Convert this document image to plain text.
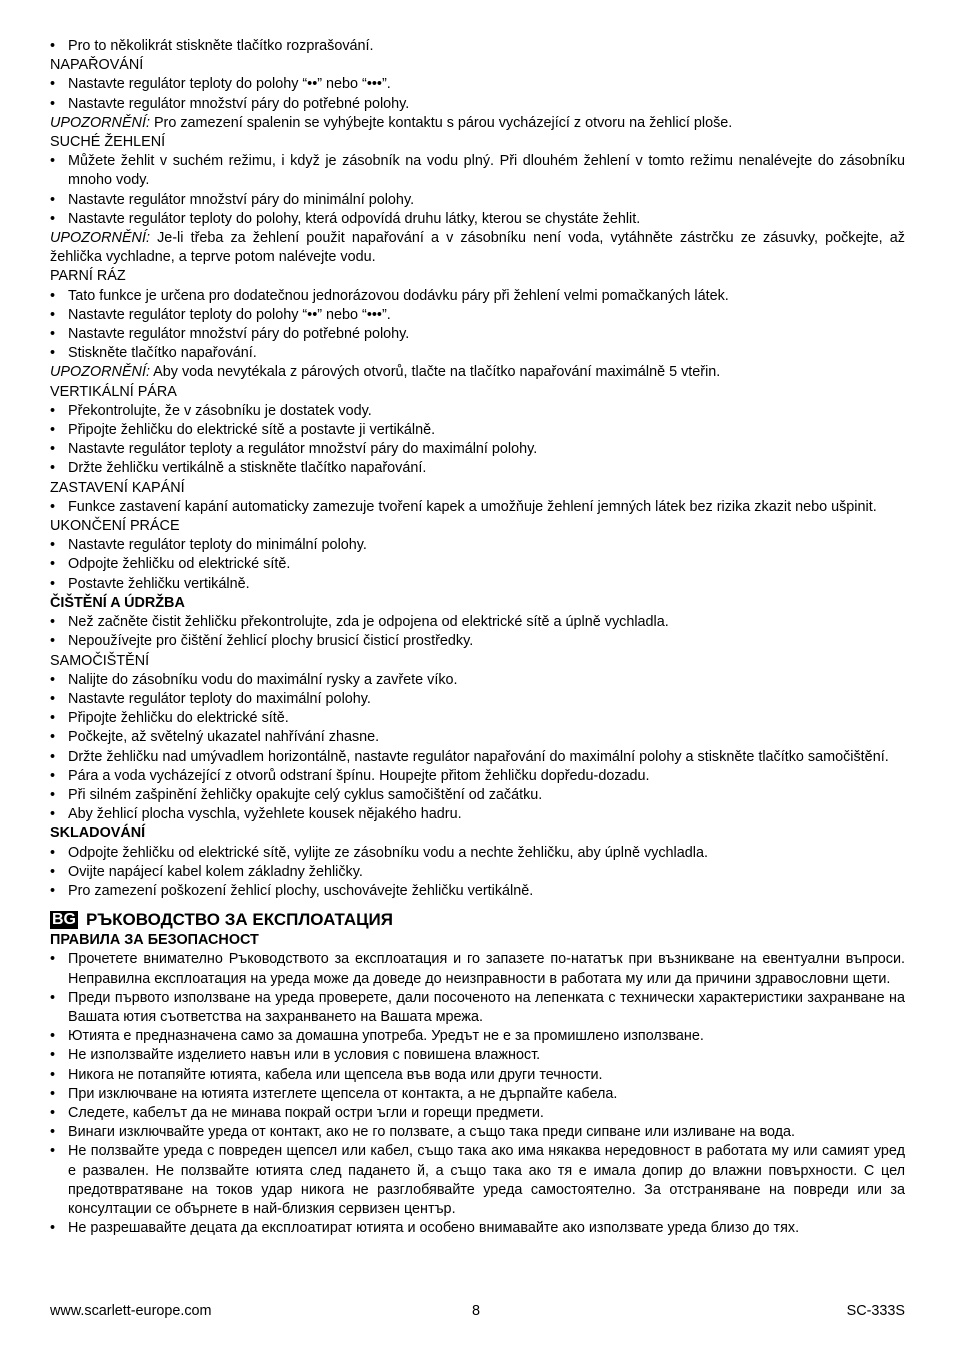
• Pro to několikrát stiskněte tlačítko rozprašování.
NAPAŘOVÁNÍ
• Nastavte regulátor teploty do polohy “••” nebo “•••”.
• Nastavte regulátor množství páry do potřebné polohy.
UPOZORNĚNÍ: Pro zamezení spalenin se vyhýbejte kontaktu s párou vycházející z otvoru na žehlicí ploše.
SUCHÉ ŽEHLENÍ
• Můžete žehlit v suchém režimu, i když je zásobník na vodu plný. Při dlouhém žehlení v tomto režimu nenalévejte do zásobníku mnoho vody.
• Nastavte regulátor množství páry do minimální polohy.
• Nastavte regulátor teploty do polohy, která odpovídá druhu látky, kterou se chystáte žehlit.
UPOZORNĚNÍ: Je-li třeba za žehlení použit napařování a v zásobníku není voda, vytáhněte zástrčku ze zásuvky, počkejte, až žehlička vychladne, a teprve potom nalévejte vodu.
PARNÍ RÁZ
• Tato funkce je určena pro dodatečnou jednorázovou dodávku páry při žehlení velmi pomačkaných látek.
• Nastavte regulátor teploty do polohy “••” nebo “•••”.
• Nastavte regulátor množství páry do potřebné polohy.
• Stiskněte tlačítko napařování.
UPOZORNĚNÍ: Aby voda nevytékala z párových otvorů, tlačte na tlačítko napařování maximálně 5 vteřin.
VERTIKÁLNÍ PÁRA
• Překontrolujte, že v zásobníku je dostatek vody.
• Připojte žehličku do elektrické sítě a postavte ji vertikálně.
• Nastavte regulátor teploty a regulátor množství páry do maximální polohy.
• Držte žehličku vertikálně a stiskněte tlačítko napařování.
ZASTAVENÍ KAPÁNÍ
• Funkce zastavení kapání automaticky zamezuje tvoření kapek a umožňuje žehlení jemných látek bez rizika zkazit nebo ušpinit.
UKONČENÍ PRÁCE
• Nastavte regulátor teploty do minimální polohy.
• Odpojte žehličku od elektrické sítě.
• Postavte žehličku vertikálně.
ČIŠTĚNÍ A ÚDRŽBA
• Než začněte čistit žehličku překontrolujte, zda je odpojena od elektrické sítě a úplně vychladla.
• Nepoužívejte pro čištění žehlicí plochy brusicí čisticí prostředky.
SAMOČIŠTĚNÍ
• Nalijte do zásobníku vodu do maximální rysky a zavřete víko.
• Nastavte regulátor teploty do maximální polohy.
• Připojte žehličku do elektrické sítě.
• Počkejte, až světelný ukazatel nahřívání zhasne.
• Držte žehličku nad umývadlem horizontálně, nastavte regulátor napařování do maximální polohy a stiskněte tlačítko samočištění.
• Pára a voda vycházející z otvorů odstraní špínu. Houpejte přitom žehličku dopředu-dozadu.
• Při silném zašpinění žehličky opakujte celý cyklus samočištění od začátku.
• Aby žehlicí plocha vyschla, vyžehlete kousek nějakého hadru.
SKLADOVÁNÍ
• Odpojte žehličku od elektrické sítě, vylijte ze zásobníku vodu a nechte žehličku, aby úplně vychladla.
• Ovijte napájecí kabel kolem základny žehličky.
• Pro zamezení poškození žehlicí plochy, uschovávejte žehličku vertikálně.
BG РЪКОВОДСТВО ЗА ЕКСПЛОАТАЦИЯ
ПРАВИЛА ЗА БЕЗОПАСНОСТ
• Прочетете внимателно Ръководството за експлоатация и го запазете по-нататък при възникване на евентуални въпроси. Неправилна експлоатация на уреда може да доведе до неизправности в работата му или да причини здравословни щети.
• Преди първото използване на уреда проверете, дали посоченото на лепенката с технически характеристики захранване на Вашата ютия съответства на захранването на Вашата мрежа.
• Ютията е предназначена само за домашна употреба. Уредът не е за промишлено използване.
• Не използвайте изделието навън или в условия с повишена влажност.
• Никога не потапяйте ютията, кабела или щепсела във вода или други течности.
• При изключване на ютията изтеглете щепсела от контакта, а не дърпайте кабела.
• Следете, кабелът да не минава покрай остри ъгли и горещи предмети.
• Винаги изключвайте уреда от контакт, ако не го ползвате, а също така преди сипване или изливане на вода.
• Не ползвайте уреда с повреден щепсел или кабел, също така ако има някаква нередовност в работата му или самият уред е развален. Не ползвайте ютията след падането й, а също така ако тя е имала допир до влажни повърхности. С цел предотвратяване на токов удар никога не разглобявайте уреда самостоятелно. За отстраняване на повреди или за консултации се обърнете в най-близкия сервизен център.
• Не разрешавайте децата да експлоатират ютията и особено внимавайте ако използвате уреда близо до тях.
www.scarlett-europe.com	8	SC-333S
